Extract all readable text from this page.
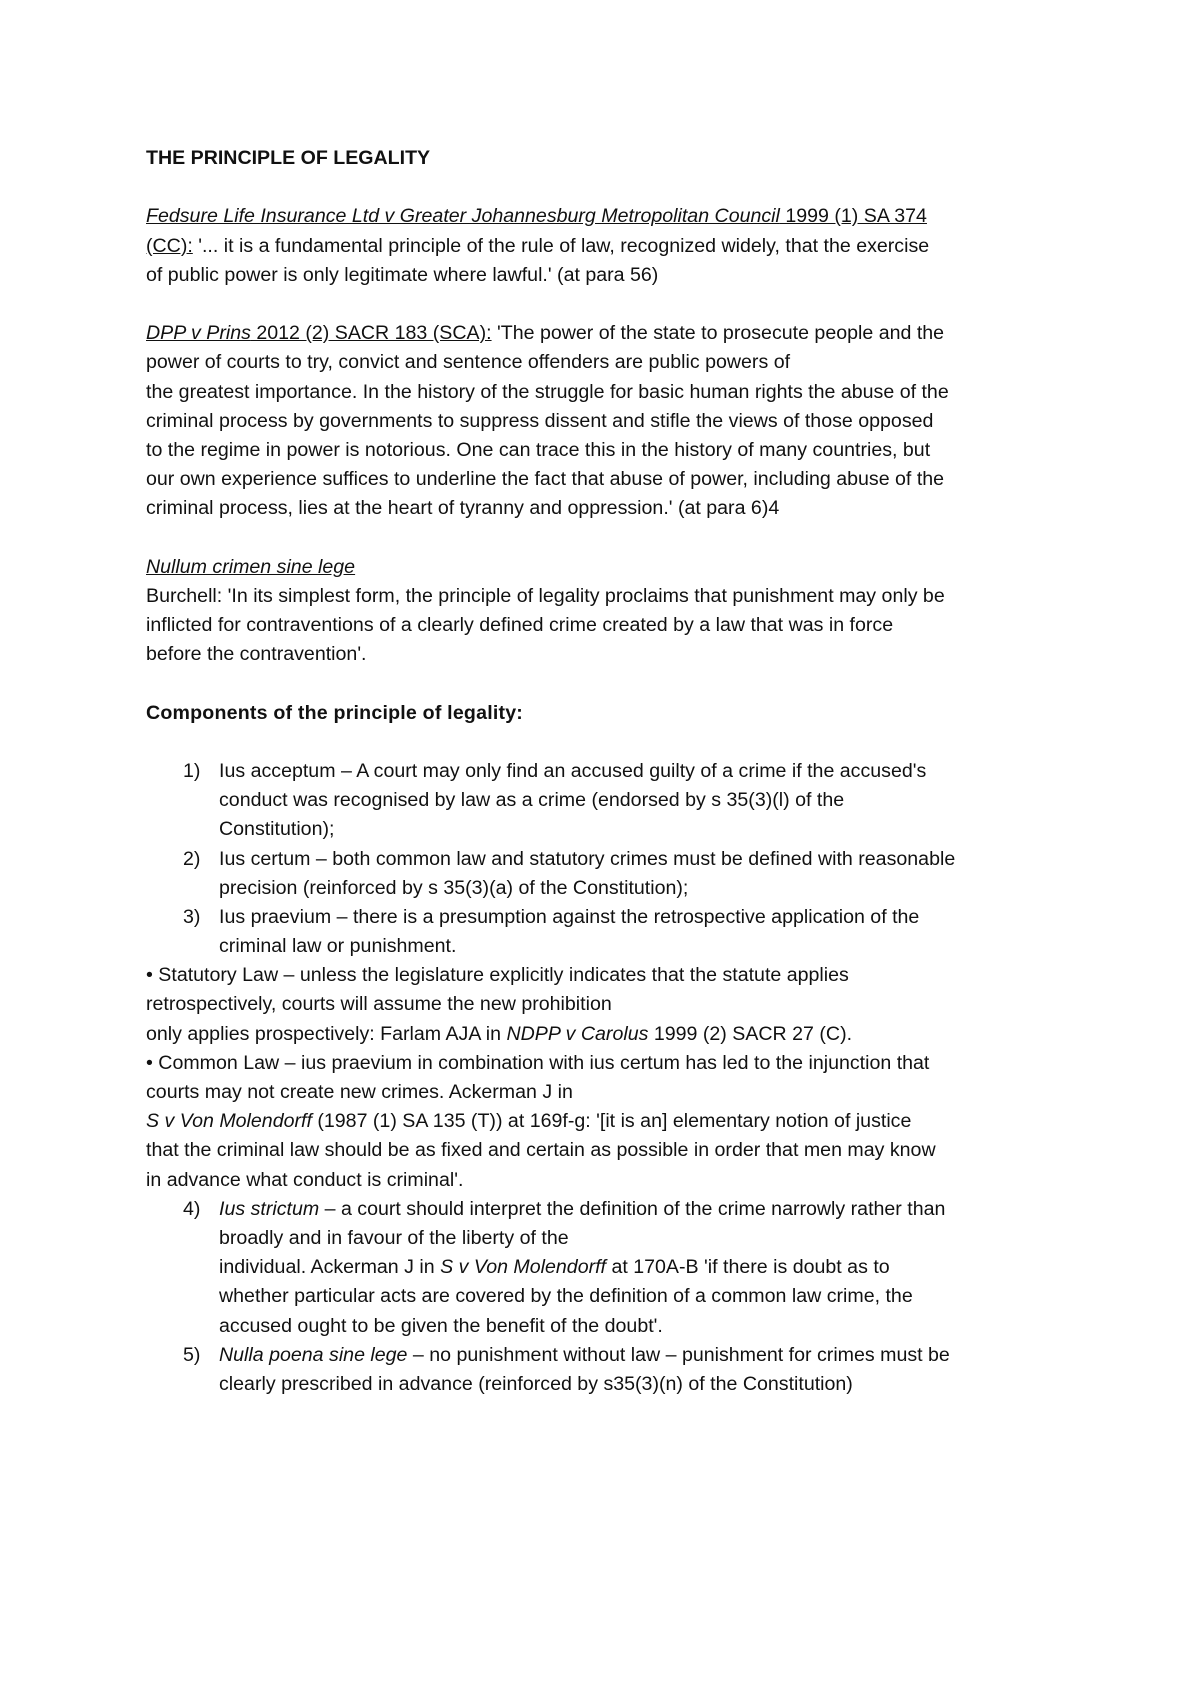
THE PRINCIPLE OF LEGALITY
Fedsure Life Insurance Ltd v Greater Johannesburg Metropolitan Council 1999 (1) SA 374
(CC): '... it is a fundamental principle of the rule of law, recognized widely, that the exercise
of public power is only legitimate where lawful.' (at para 56)
DPP v Prins 2012 (2) SACR 183 (SCA): 'The power of the state to prosecute people and the
power of courts to try, convict and sentence offenders are public powers of
the greatest importance. In the history of the struggle for basic human rights the abuse of the
criminal process by governments to suppress dissent and stifle the views of those opposed
to the regime in power is notorious. One can trace this in the history of many countries, but
our own experience suffices to underline the fact that abuse of power, including abuse of the
criminal process, lies at the heart of tyranny and oppression.' (at para 6)4
Nullum crimen sine lege
Burchell: 'In its simplest form, the principle of legality proclaims that punishment may only be
inflicted for contraventions of a clearly defined crime created by a law that was in force
before the contravention'.
Components of the principle of legality:
1) Ius acceptum – A court may only find an accused guilty of a crime if the accused's
conduct was recognised by law as a crime (endorsed by s 35(3)(l) of the
Constitution);
2) Ius certum – both common law and statutory crimes must be defined with reasonable
precision (reinforced by s 35(3)(a) of the Constitution);
3) Ius praevium – there is a presumption against the retrospective application of the
criminal law or punishment.
• Statutory Law – unless the legislature explicitly indicates that the statute applies
retrospectively, courts will assume the new prohibition
only applies prospectively: Farlam AJA in NDPP v Carolus 1999 (2) SACR 27 (C).
• Common Law – ius praevium in combination with ius certum has led to the injunction that
courts may not create new crimes. Ackerman J in
S v Von Molendorff (1987 (1) SA 135 (T)) at 169f-g: '[it is an] elementary notion of justice
that the criminal law should be as fixed and certain as possible in order that men may know
in advance what conduct is criminal'.
4) Ius strictum – a court should interpret the definition of the crime narrowly rather than
broadly and in favour of the liberty of the
individual. Ackerman J in S v Von Molendorff at 170A-B 'if there is doubt as to
whether particular acts are covered by the definition of a common law crime, the
accused ought to be given the benefit of the doubt'.
5) Nulla poena sine lege – no punishment without law – punishment for crimes must be
clearly prescribed in advance (reinforced by s35(3)(n) of the Constitution)
